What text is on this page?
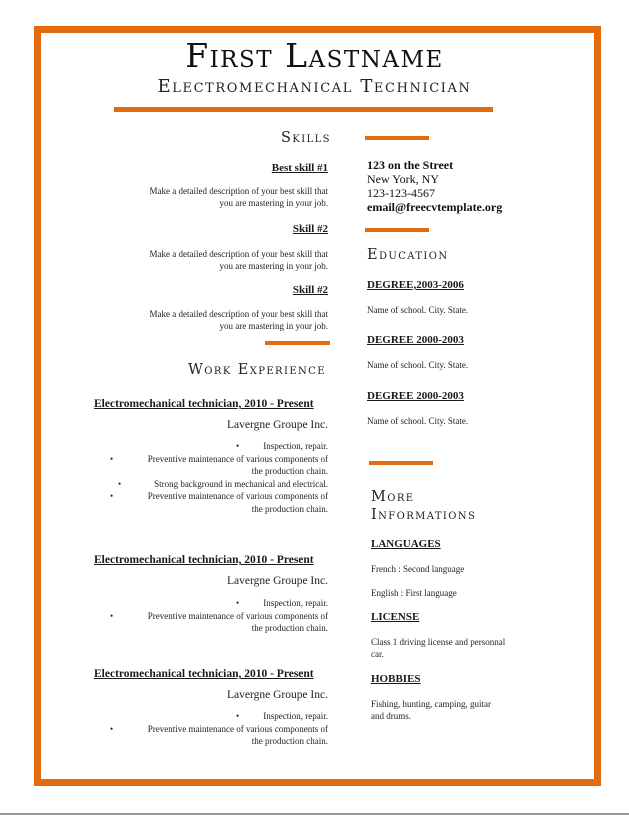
First Lastname
Electromechanical Technician
Skills
Best skill #1
Make a detailed description of your best skill that
you are mastering in your job.
Skill #2
Make a detailed description of your best skill that
you are mastering in your job.
Skill #2
Make a detailed description of your best skill that
you are mastering in your job.
Work Experience
Electromechanical technician, 2010 - Present
Lavergne Groupe Inc.
•	Inspection, repair.
•	Preventive maintenance of various components of
the production chain.
•	Strong background in mechanical and electrical.
•	Preventive maintenance of various components of
the production chain.
Electromechanical technician, 2010 - Present
Lavergne Groupe Inc.
•	Inspection, repair.
•	Preventive maintenance of various components of
the production chain.
Electromechanical technician, 2010 - Present
Lavergne Groupe Inc.
•	Inspection, repair.
•	Preventive maintenance of various components of
the production chain.
123 on the Street
New York, NY
123-123-4567
email@freecvtemplate.org
Education
DEGREE,2003-2006
Name of school. City. State.
DEGREE 2000-2003
Name of school. City. State.
DEGREE 2000-2003
Name of school. City. State.
More
Informations
LANGUAGES
French : Second language
English : First language
LICENSE
Class 1 driving license and personnal
car.
HOBBIES
Fishing, hunting, camping, guitar
and drums.
